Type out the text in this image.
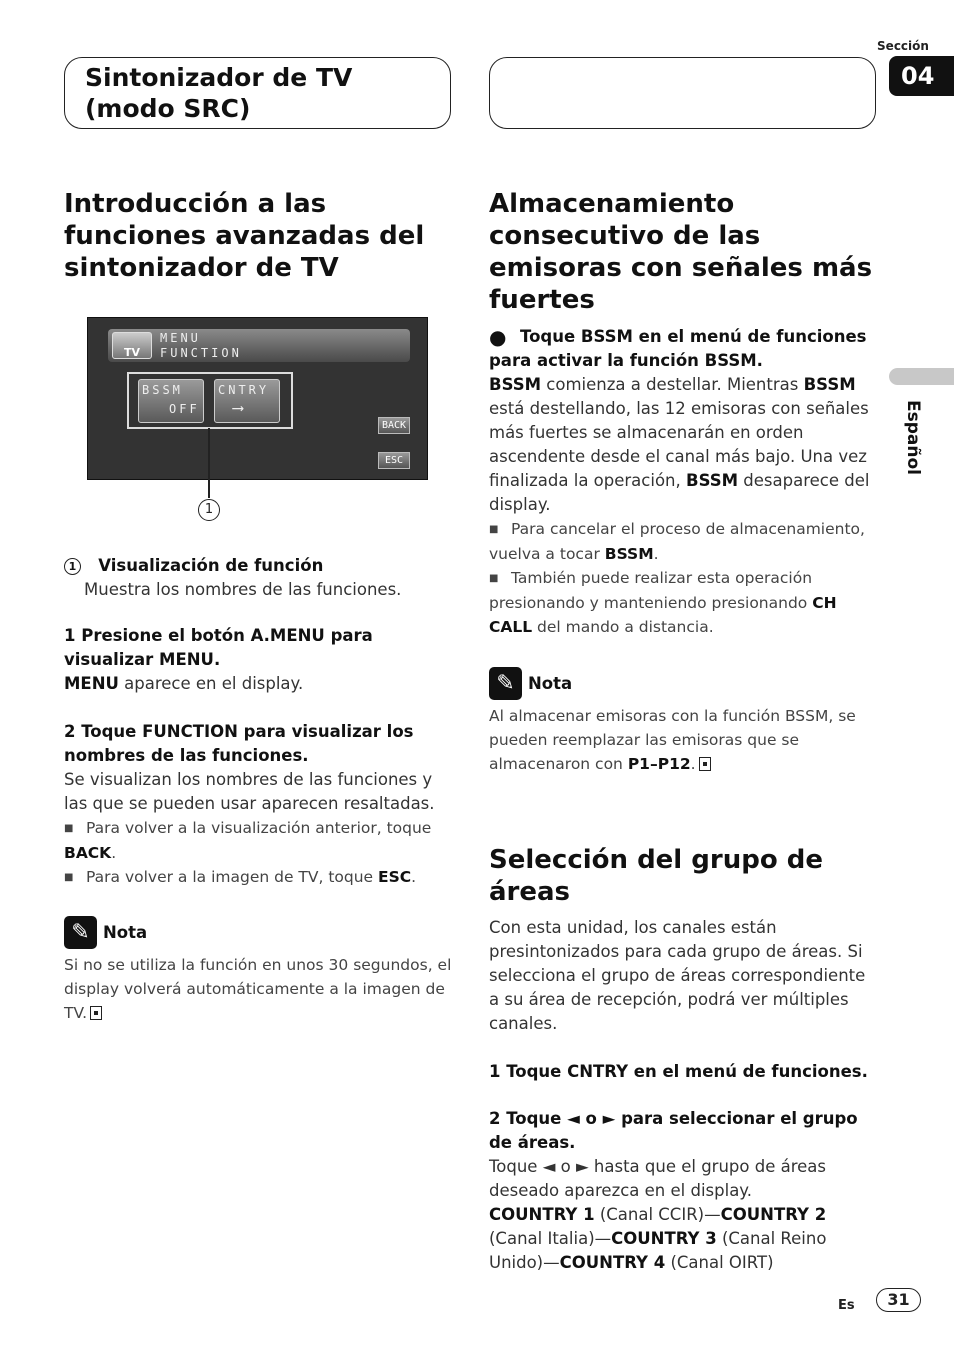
Sintonizador de TV
(modo SRC)
Sección
04
Español
TV
MENU
FUNCTION
BSSM
OFF
CNTRY
⟶
BACK
ESC
1
Introducción a las funciones avanzadas del sintonizador de TV

1 Visualización de función

Muestra los nombres de las funciones.

1 Presione el botón A.MENU para visualizar MENU.

MENU aparece en el display.

2 Toque FUNCTION para visualizar los nombres de las funciones.

Se visualizan los nombres de las funciones y las que se pueden usar aparecen resaltadas.

■ Para volver a la visualización anterior, toque BACK.

■ Para volver a la imagen de TV, toque ESC.

✎ Nota

Si no se utiliza la función en unos 30 segundos, el display volverá automáticamente a la imagen de TV.

Almacenamiento consecutivo de las emisoras con señales más fuertes

● Toque BSSM en el menú de funciones para activar la función BSSM.

BSSM comienza a destellar. Mientras BSSM está destellando, las 12 emisoras con señales más fuertes se almacenarán en orden ascendente desde el canal más bajo. Una vez finalizada la operación, BSSM desaparece del display.

■ Para cancelar el proceso de almacenamiento, vuelva a tocar BSSM.

■ También puede realizar esta operación presionando y manteniendo presionando CH CALL del mando a distancia.

✎ Nota

Al almacenar emisoras con la función BSSM, se pueden reemplazar las emisoras que se almacenaron con P1–P12.

Selección del grupo de áreas

Con esta unidad, los canales están presintonizados para cada grupo de áreas. Si selecciona el grupo de áreas correspondiente a su área de recepción, podrá ver múltiples canales.

1 Toque CNTRY en el menú de funciones.

2 Toque ◄ o ► para seleccionar el grupo de áreas.

Toque ◄ o ► hasta que el grupo de áreas deseado aparezca en el display.

COUNTRY 1 (Canal CCIR)—COUNTRY 2 (Canal Italia)—COUNTRY 3 (Canal Reino Unido)—COUNTRY 4 (Canal OIRT)

Es	31
